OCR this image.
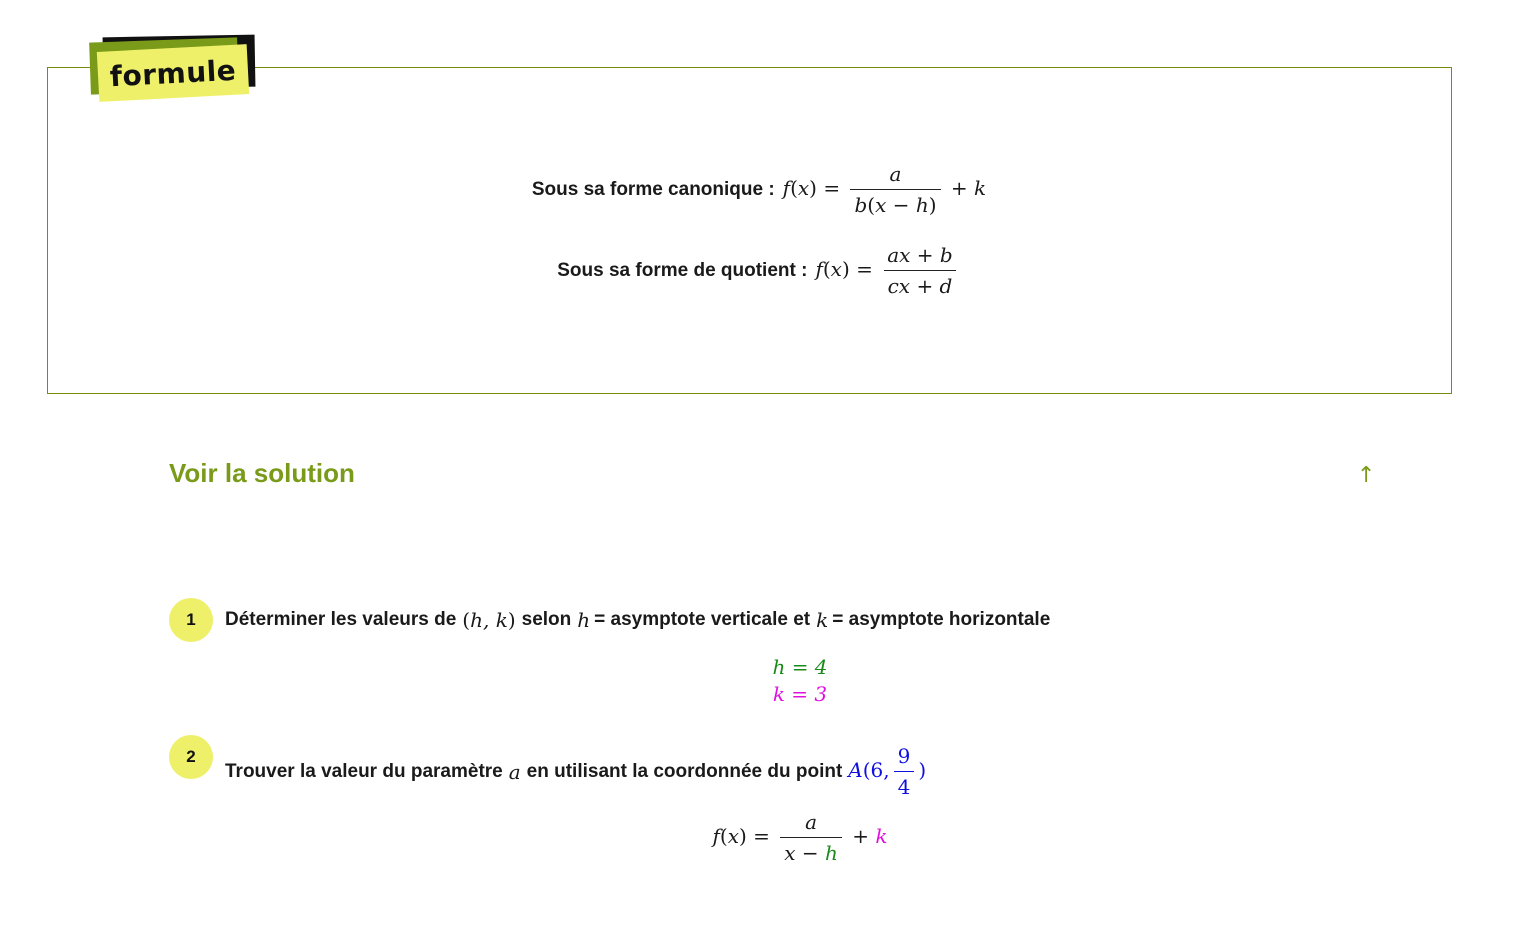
formule
Sous sa forme canonique : $f(x) = \frac{a}{b(x - h)} + k$
Sous sa forme de quotient : $f(x) = \frac{ax + b}{cx + d}$
Voir la solution	↑
1	Déterminer les valeurs de (h, k) selon h = asymptote verticale et k = asymptote horizontale
h = 4
k = 3
2
Trouver la valeur du paramètre a en utilisant la coordonnée du point A(6, $\frac{9}{4}$ )
$f(x) = \frac{a}{x - h} + k$
